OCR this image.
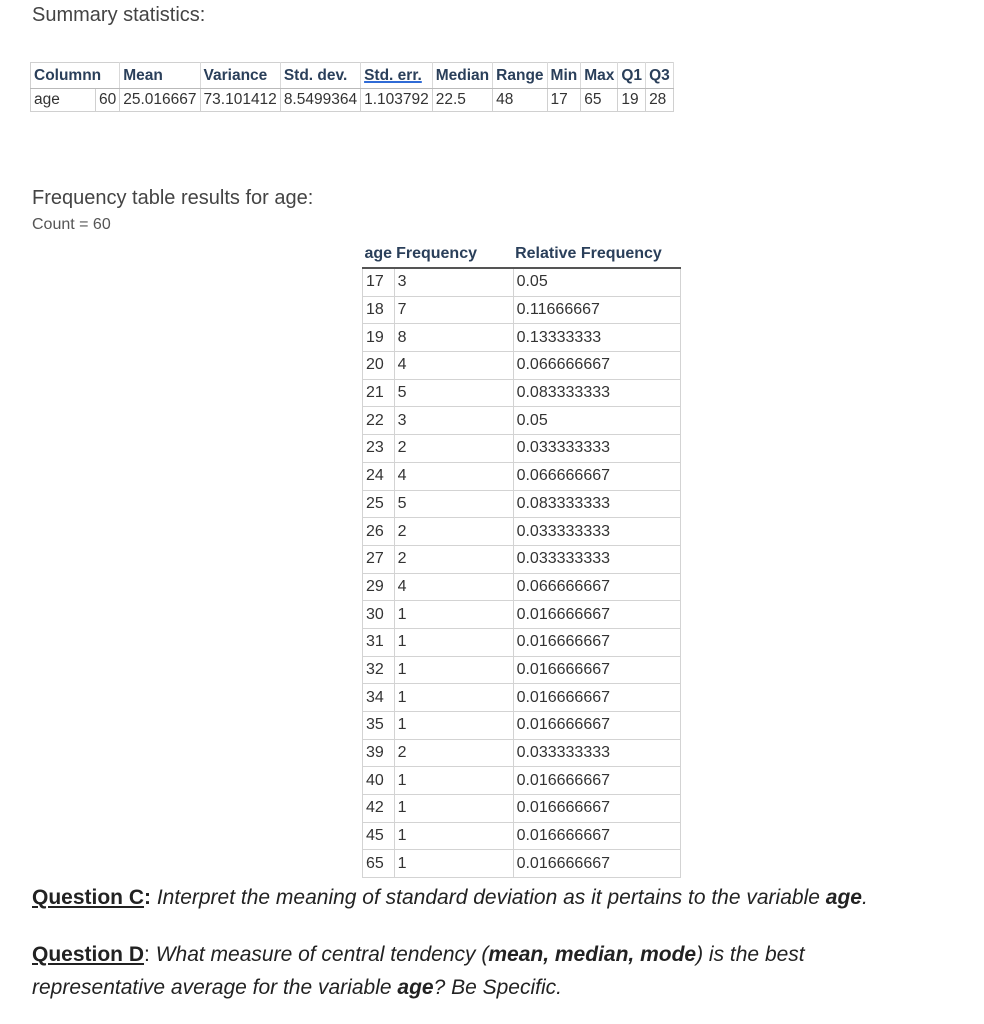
Summary statistics:
Columnn		Mean	Variance	Std. dev.	Std. err.	Median	Range	Min	Max	Q1	Q3
age	60	25.016667	73.101412	8.5499364	1.103792	22.5	48	17	65	19	28
Frequency table results for age:
Count = 60
age	Frequency	Relative Frequency
17	3	0.05
18	7	0.11666667
19	8	0.13333333
20	4	0.066666667
21	5	0.083333333
22	3	0.05
23	2	0.033333333
24	4	0.066666667
25	5	0.083333333
26	2	0.033333333
27	2	0.033333333
29	4	0.066666667
30	1	0.016666667
31	1	0.016666667
32	1	0.016666667
34	1	0.016666667
35	1	0.016666667
39	2	0.033333333
40	1	0.016666667
42	1	0.016666667
45	1	0.016666667
65	1	0.016666667
Question C: Interpret the meaning of standard deviation as it pertains to the variable age.
Question D: What measure of central tendency (mean, median, mode) is the best representative average for the variable age? Be Specific.
